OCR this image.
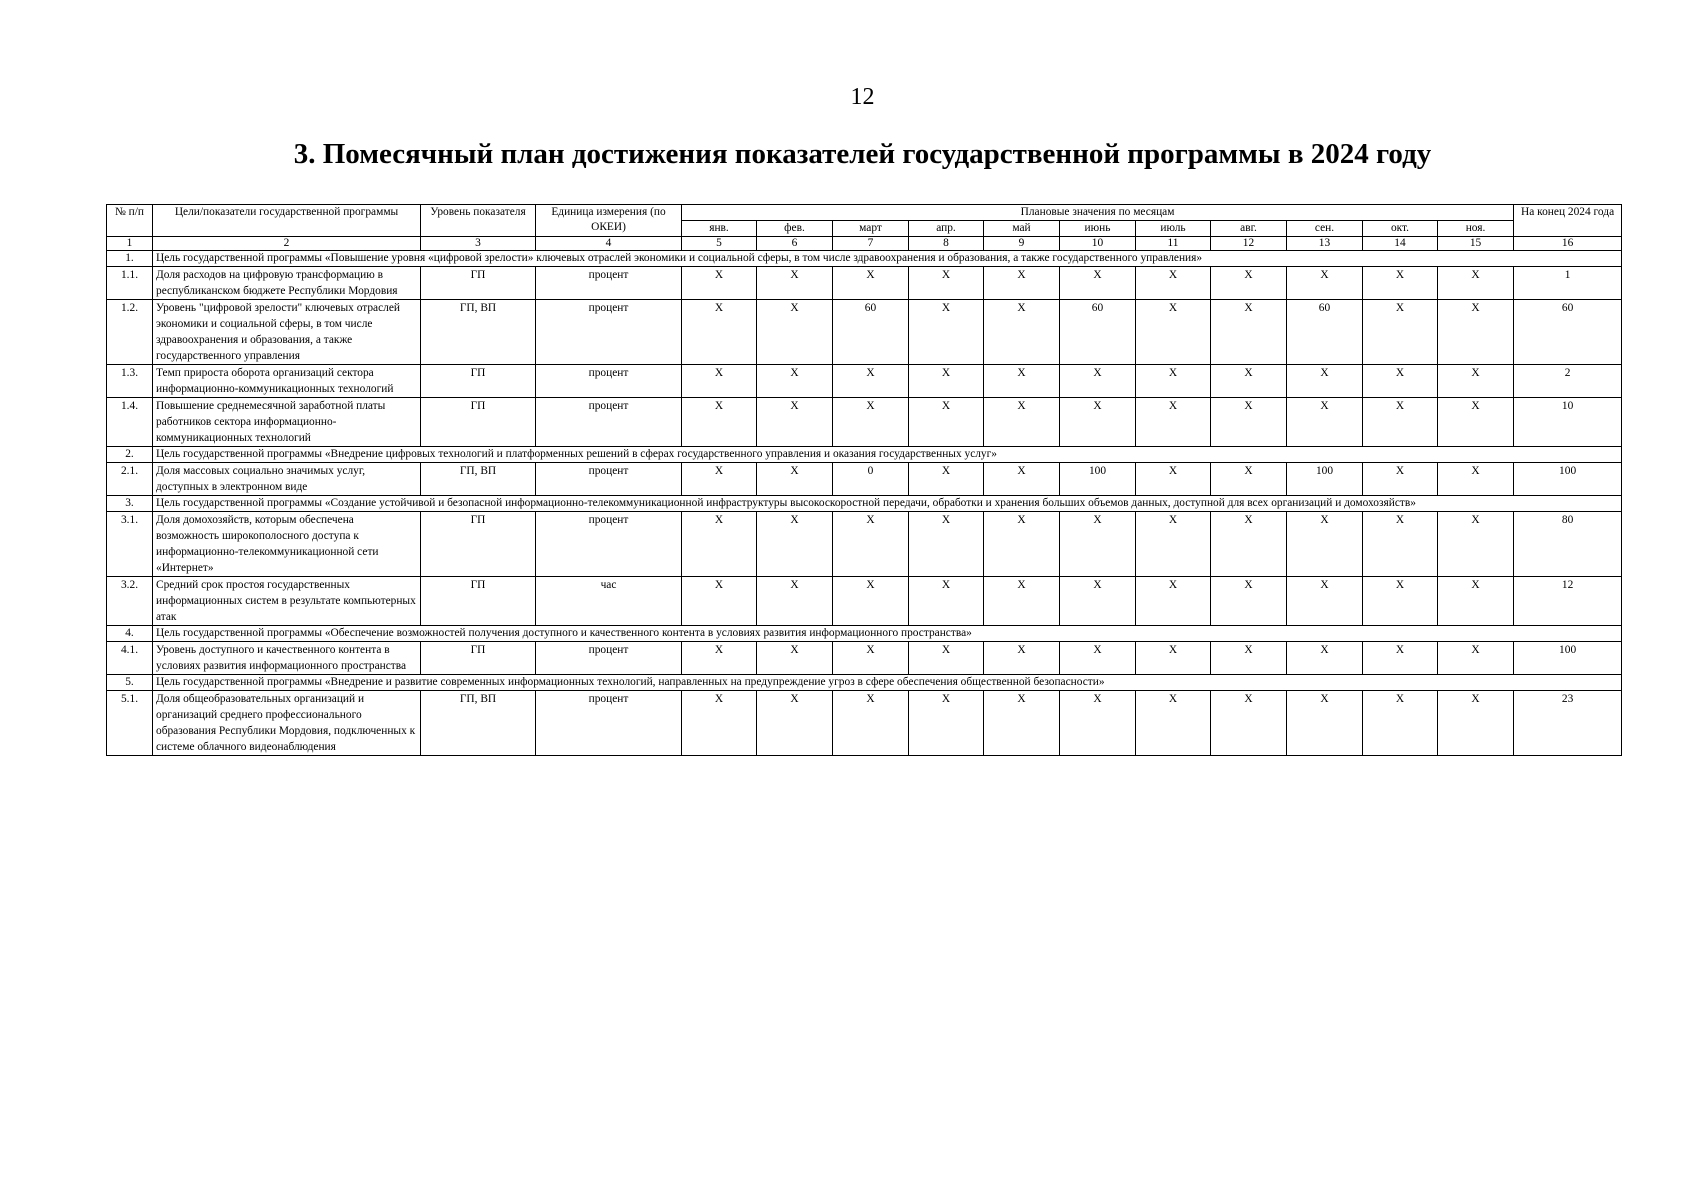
12
3. Помесячный план достижения показателей государственной программы в 2024 году
№ п/п	Цели/показатели государственной программы	Уровень показателя	Единица измерения (по ОКЕИ)	Плановые значения по месяцам											На конец 2024 года
				янв.	фев.	март	апр.	май	июнь	июль	авг.	сен.	окт.	ноя.	
1	2	3	4	5	6	7	8	9	10	11	12	13	14	15	16
1.	Цель государственной программы «Повышение уровня «цифровой зрелости» ключевых отраслей экономики и социальной сферы, в том числе здравоохранения и образования, а также государственного управления»														
1.1.	Доля расходов на цифровую трансформацию в республиканском бюджете Республики Мордовия	ГП	процент	X	X	X	X	X	X	X	X	X	X	X	1
1.2.	Уровень "цифровой зрелости" ключевых отраслей экономики и социальной сферы, в том числе здравоохранения и образования, а также государственного управления	ГП, ВП	процент	X	X	60	X	X	60	X	X	60	X	X	60
1.3.	Темп прироста оборота организаций сектора информационно-коммуникационных технологий	ГП	процент	X	X	X	X	X	X	X	X	X	X	X	2
1.4.	Повышение среднемесячной заработной платы работников сектора информационно-коммуникационных технологий	ГП	процент	X	X	X	X	X	X	X	X	X	X	X	10
2.	Цель государственной программы «Внедрение цифровых технологий и платформенных решений в сферах государственного управления и оказания государственных услуг»														
2.1.	Доля массовых социально значимых услуг, доступных в электронном виде	ГП, ВП	процент	X	X	0	X	X	100	X	X	100	X	X	100
3.	Цель государственной программы «Создание устойчивой и безопасной информационно-телекоммуникационной инфраструктуры высокоскоростной передачи, обработки и хранения больших объемов данных, доступной для всех организаций и домохозяйств»														
3.1.	Доля домохозяйств, которым обеспечена возможность широкополосного доступа к информационно-телекоммуникационной сети «Интернет»	ГП	процент	X	X	X	X	X	X	X	X	X	X	X	80
3.2.	Средний срок простоя государственных информационных систем в результате компьютерных атак	ГП	час	X	X	X	X	X	X	X	X	X	X	X	12
4.	Цель государственной программы «Обеспечение возможностей получения доступного и качественного контента в условиях развития информационного пространства»														
4.1.	Уровень доступного и качественного контента в условиях развития информационного пространства	ГП	процент	X	X	X	X	X	X	X	X	X	X	X	100
5.	Цель государственной программы «Внедрение и развитие современных информационных технологий, направленных на предупреждение угроз в сфере обеспечения общественной безопасности»														
5.1.	Доля общеобразовательных организаций и организаций среднего профессионального образования Республики Мордовия, подключенных к системе облачного видеонаблюдения	ГП, ВП	процент	X	X	X	X	X	X	X	X	X	X	X	23
